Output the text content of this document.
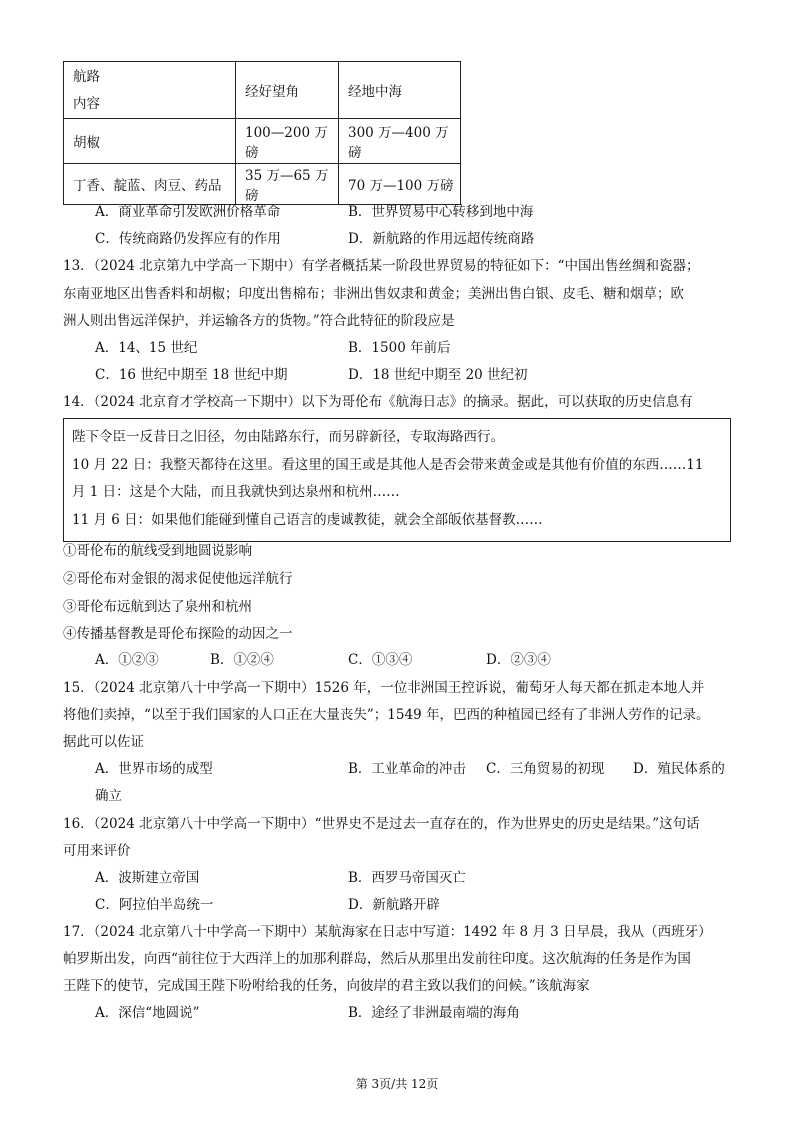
航路
内容	经好望角	经地中海
胡椒	100—200 万磅	300 万—400 万磅
丁香、靛蓝、肉豆、药品	35 万—65 万磅	70 万—100 万磅
A．商业革命引发欧洲价格革命	B．世界贸易中心转移到地中海
C．传统商路仍发挥应有的作用	D．新航路的作用远超传统商路
13．（2024 北京第九中学高一下期中）有学者概括某一阶段世界贸易的特征如下：“中国出售丝绸和瓷器；
东南亚地区出售香料和胡椒；印度出售棉布；非洲出售奴隶和黄金；美洲出售白银、皮毛、糖和烟草；欧
洲人则出售远洋保护，并运输各方的货物。”符合此特征的阶段应是
A．14、15 世纪	B．1500 年前后
C．16 世纪中期至 18 世纪中期	D．18 世纪中期至 20 世纪初
14．（2024 北京育才学校高一下期中）以下为哥伦布《航海日志》的摘录。据此，可以获取的历史信息有
陛下令臣一反昔日之旧径，勿由陆路东行，而另辟新径，专取海路西行。
10 月 22 日：我整天都待在这里。看这里的国王或是其他人是否会带来黄金或是其他有价值的东西……11
月 1 日：这是个大陆，而且我就快到达泉州和杭州……
11 月 6 日：如果他们能碰到懂自己语言的虔诚教徒，就会全部皈依基督教……
①哥伦布的航线受到地圆说影响
②哥伦布对金银的渴求促使他远洋航行
③哥伦布远航到达了泉州和杭州
④传播基督教是哥伦布探险的动因之一
A．①②③	B．①②④	C．①③④	D．②③④
15．（2024 北京第八十中学高一下期中）1526 年，一位非洲国王控诉说，葡萄牙人每天都在抓走本地人并
将他们卖掉，“以至于我们国家的人口正在大量丧失”；1549 年，巴西的种植园已经有了非洲人劳作的记录。
据此可以佐证
A．世界市场的成型	B．工业革命的冲击 C．三角贸易的初现 D．殖民体系的
确立
16．（2024 北京第八十中学高一下期中）“世界史不是过去一直存在的，作为世界史的历史是结果。”这句话
可用来评价
A．波斯建立帝国	B．西罗马帝国灭亡
C．阿拉伯半岛统一	D．新航路开辟
17．（2024 北京第八十中学高一下期中）某航海家在日志中写道：1492 年 8 月 3 日早晨，我从（西班牙）
帕罗斯出发，向西“前往位于大西洋上的加那利群岛，然后从那里出发前往印度。这次航海的任务是作为国
王陛下的使节，完成国王陛下吩咐给我的任务，向彼岸的君主致以我们的问候。”该航海家
A．深信“地圆说”	B．途经了非洲最南端的海角
第 3页/共 12页
